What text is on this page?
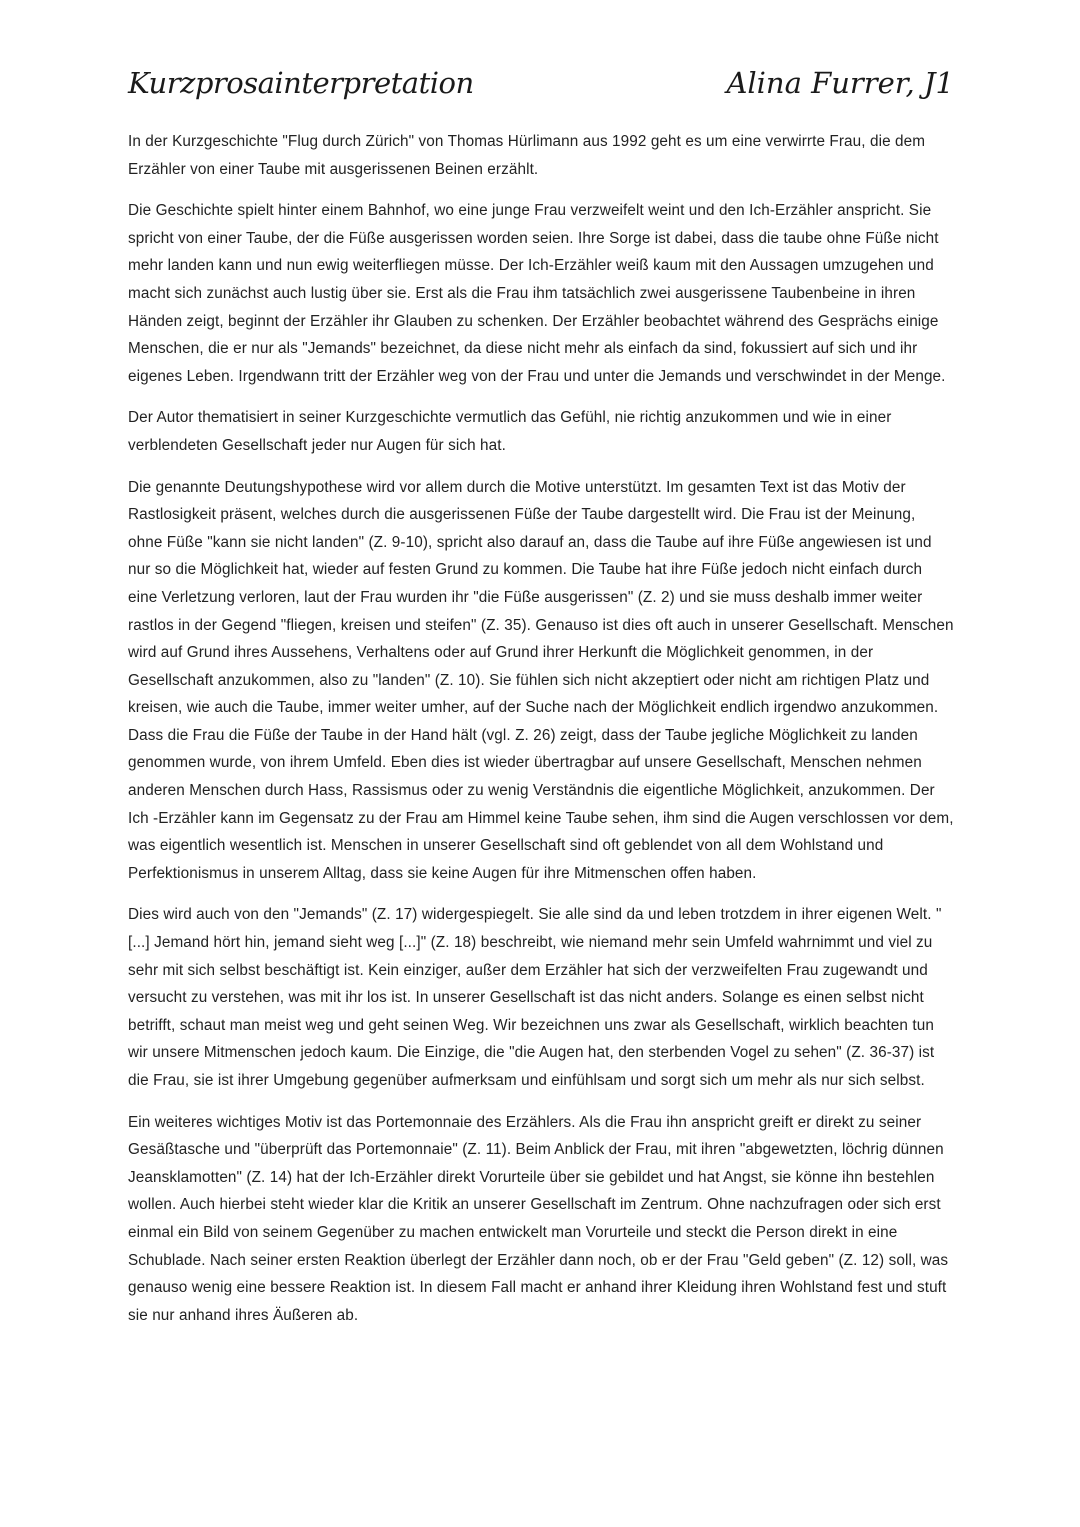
Kurzprosainterpretation	Alina Furrer, J1

In der Kurzgeschichte "Flug durch Zürich" von Thomas Hürlimann aus 1992 geht es um eine verwirrte Frau, die dem Erzähler von einer Taube mit ausgerissenen Beinen erzählt.

Die Geschichte spielt hinter einem Bahnhof, wo eine junge Frau verzweifelt weint und den Ich-Erzähler anspricht. Sie spricht von einer Taube, der die Füße ausgerissen worden seien. Ihre Sorge ist dabei, dass die taube ohne Füße nicht mehr landen kann und nun ewig weiterfliegen müsse. Der Ich-Erzähler weiß kaum mit den Aussagen umzugehen und macht sich zunächst auch lustig über sie. Erst als die Frau ihm tatsächlich zwei ausgerissene Taubenbeine in ihren Händen zeigt, beginnt der Erzähler ihr Glauben zu schenken. Der Erzähler beobachtet während des Gesprächs einige Menschen, die er nur als "Jemands" bezeichnet, da diese nicht mehr als einfach da sind, fokussiert auf sich und ihr eigenes Leben. Irgendwann tritt der Erzähler weg von der Frau und unter die Jemands und verschwindet in der Menge.

Der Autor thematisiert in seiner Kurzgeschichte vermutlich das Gefühl, nie richtig anzukommen und wie in einer verblendeten Gesellschaft jeder nur Augen für sich hat.

Die genannte Deutungshypothese wird vor allem durch die Motive unterstützt. Im gesamten Text ist das Motiv der Rastlosigkeit präsent, welches durch die ausgerissenen Füße der Taube dargestellt wird. Die Frau ist der Meinung, ohne Füße "kann sie nicht landen" (Z. 9-10), spricht also darauf an, dass die Taube auf ihre Füße angewiesen ist und nur so die Möglichkeit hat, wieder auf festen Grund zu kommen. Die Taube hat ihre Füße jedoch nicht einfach durch eine Verletzung verloren, laut der Frau wurden ihr "die Füße ausgerissen" (Z. 2) und sie muss deshalb immer weiter rastlos in der Gegend "fliegen, kreisen und steifen" (Z. 35). Genauso ist dies oft auch in unserer Gesellschaft. Menschen wird auf Grund ihres Aussehens, Verhaltens oder auf Grund ihrer Herkunft die Möglichkeit genommen, in der Gesellschaft anzukommen, also zu "landen" (Z. 10). Sie fühlen sich nicht akzeptiert oder nicht am richtigen Platz und kreisen, wie auch die Taube, immer weiter umher, auf der Suche nach der Möglichkeit endlich irgendwo anzukommen. Dass die Frau die Füße der Taube in der Hand hält (vgl. Z. 26) zeigt, dass der Taube jegliche Möglichkeit zu landen genommen wurde, von ihrem Umfeld. Eben dies ist wieder übertragbar auf unsere Gesellschaft, Menschen nehmen anderen Menschen durch Hass, Rassismus oder zu wenig Verständnis die eigentliche Möglichkeit, anzukommen. Der Ich -Erzähler kann im Gegensatz zu der Frau am Himmel keine Taube sehen, ihm sind die Augen verschlossen vor dem, was eigentlich wesentlich ist. Menschen in unserer Gesellschaft sind oft geblendet von all dem Wohlstand und Perfektionismus in unserem Alltag, dass sie keine Augen für ihre Mitmenschen offen haben.

Dies wird auch von den "Jemands" (Z. 17) widergespiegelt. Sie alle sind da und leben trotzdem in ihrer eigenen Welt. "[...] Jemand hört hin, jemand sieht weg [...]" (Z. 18) beschreibt, wie niemand mehr sein Umfeld wahrnimmt und viel zu sehr mit sich selbst beschäftigt ist. Kein einziger, außer dem Erzähler hat sich der verzweifelten Frau zugewandt und versucht zu verstehen, was mit ihr los ist. In unserer Gesellschaft ist das nicht anders. Solange es einen selbst nicht betrifft, schaut man meist weg und geht seinen Weg. Wir bezeichnen uns zwar als Gesellschaft, wirklich beachten tun wir unsere Mitmenschen jedoch kaum. Die Einzige, die "die Augen hat, den sterbenden Vogel zu sehen" (Z. 36-37) ist die Frau, sie ist ihrer Umgebung gegenüber aufmerksam und einfühlsam und sorgt sich um mehr als nur sich selbst.

Ein weiteres wichtiges Motiv ist das Portemonnaie des Erzählers. Als die Frau ihn anspricht greift er direkt zu seiner Gesäßtasche und "überprüft das Portemonnaie" (Z. 11). Beim Anblick der Frau, mit ihren "abgewetzten, löchrig dünnen Jeansklamotten" (Z. 14) hat der Ich-Erzähler direkt Vorurteile über sie gebildet und hat Angst, sie könne ihn bestehlen wollen. Auch hierbei steht wieder klar die Kritik an unserer Gesellschaft im Zentrum. Ohne nachzufragen oder sich erst einmal ein Bild von seinem Gegenüber zu machen entwickelt man Vorurteile und steckt die Person direkt in eine Schublade. Nach seiner ersten Reaktion überlegt der Erzähler dann noch, ob er der Frau "Geld geben" (Z. 12) soll, was genauso wenig eine bessere Reaktion ist. In diesem Fall macht er anhand ihrer Kleidung ihren Wohlstand fest und stuft sie nur anhand ihres Äußeren ab.
